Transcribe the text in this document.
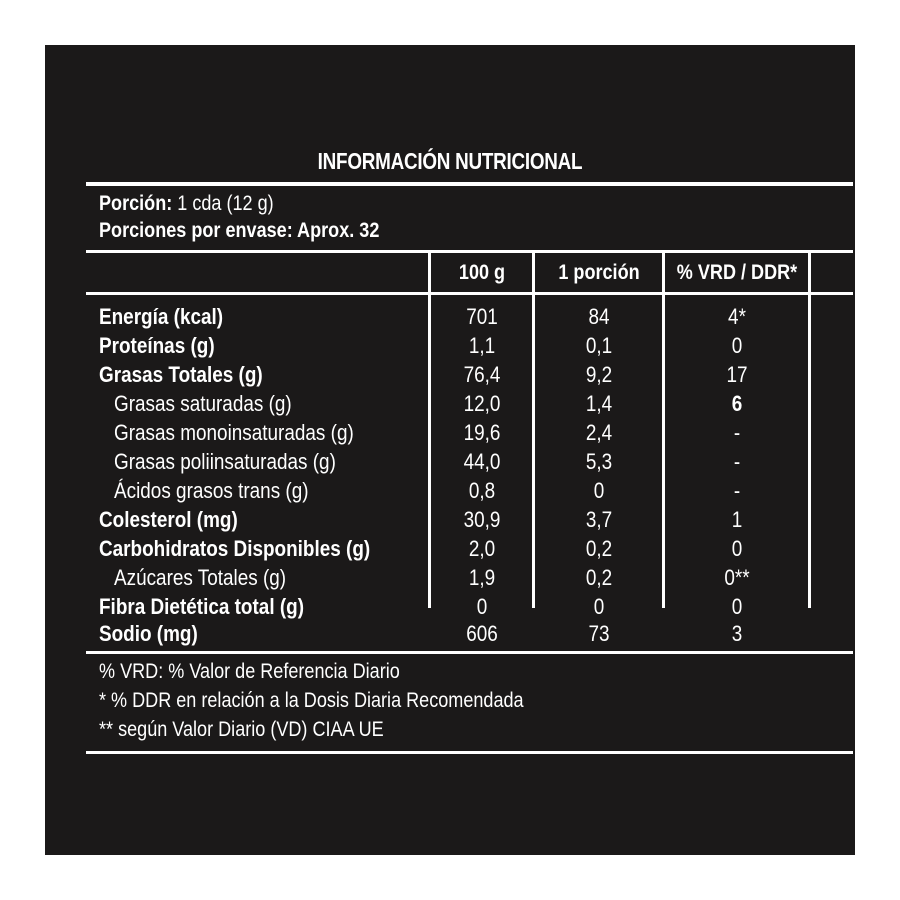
INFORMACIÓN NUTRICIONAL
Porción: 1 cda (12 g)
Porciones por envase: Aprox. 32
100 g	1 porción	% VRD / DDR*
Energía (kcal)	701	84	4*
Proteínas (g)	1,1	0,1	0
Grasas Totales (g)	76,4	9,2	17
Grasas saturadas (g)	12,0	1,4	6
Grasas monoinsaturadas (g)	19,6	2,4	-
Grasas poliinsaturadas (g)	44,0	5,3	-
Ácidos grasos trans (g)	0,8	0	-
Colesterol (mg)	30,9	3,7	1
Carbohidratos Disponibles (g)	2,0	0,2	0
Azúcares Totales (g)	1,9	0,2	0**
Fibra Dietética total (g)	0	0	0
Sodio (mg)	606	73	3
% VRD: % Valor de Referencia Diario
* % DDR en relación a la Dosis Diaria Recomendada
** según Valor Diario (VD) CIAA UE
